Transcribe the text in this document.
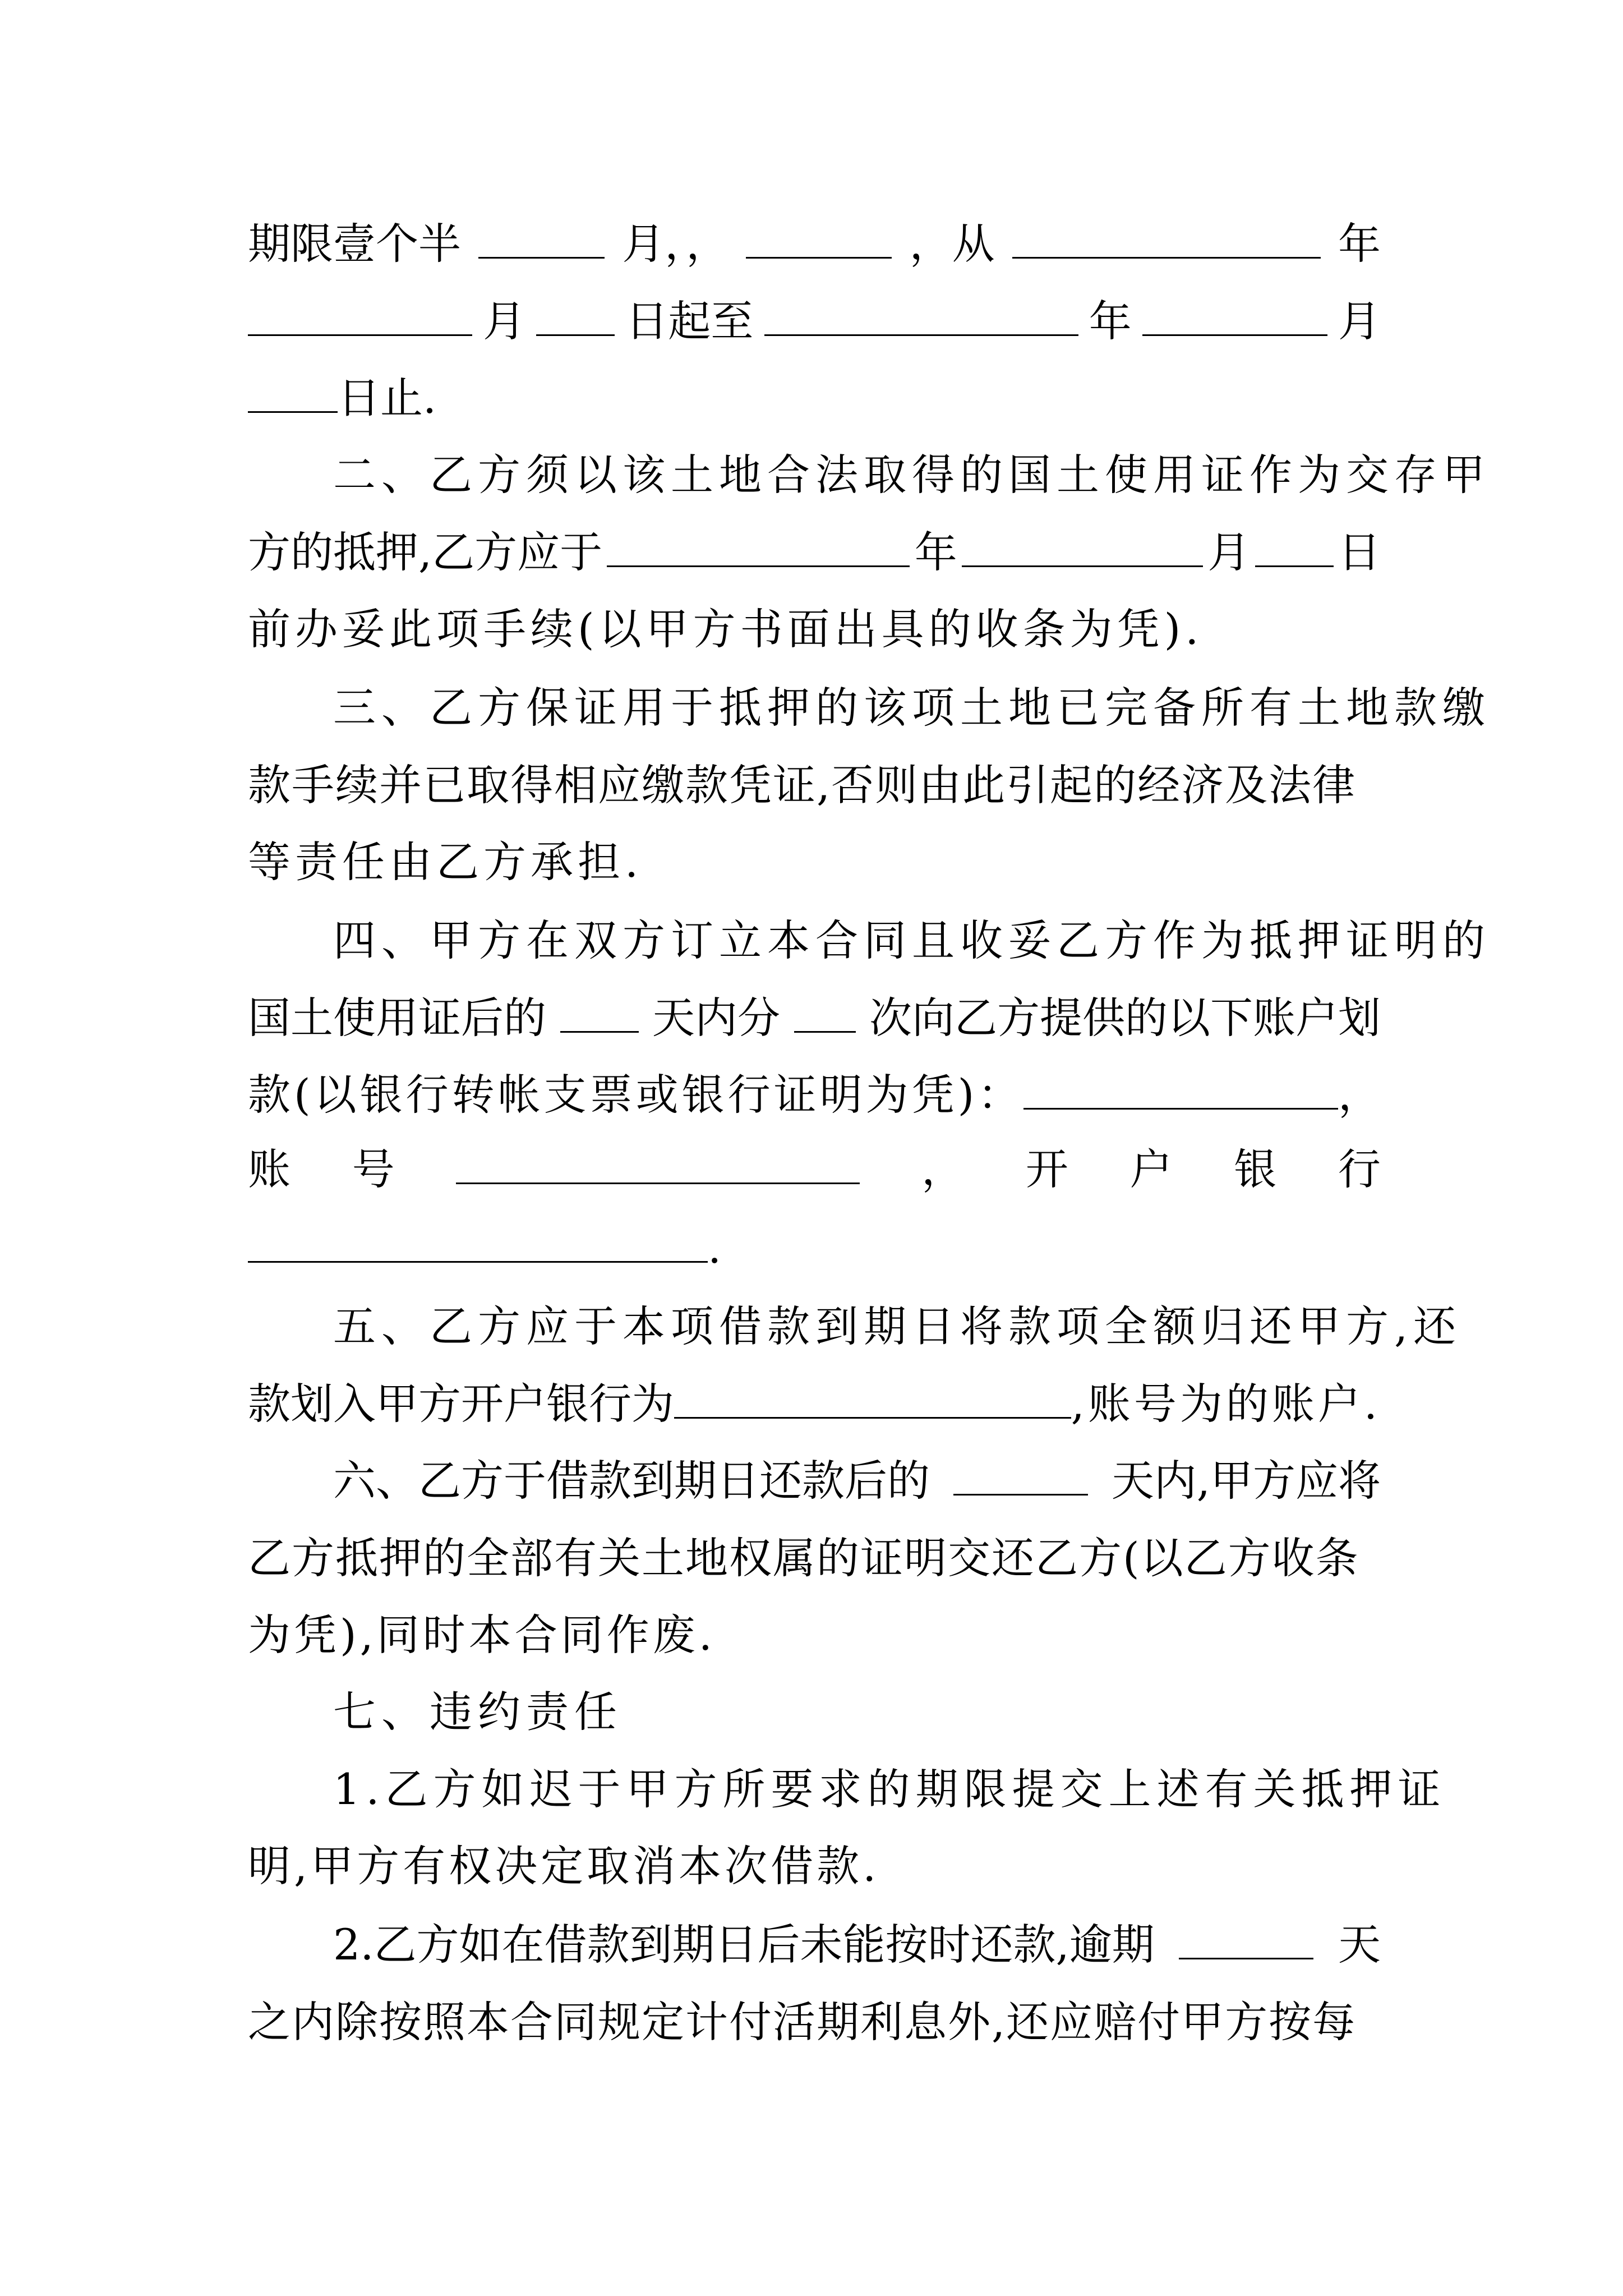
期限壹个半	月，，	，从	年
月 日起至	年	月
日止.
二、乙方须以该土地合法取得的国土使用证作为交存甲
方的抵押,乙方应于	年	月 日
前办妥此项手续(以甲方书面出具的收条为凭).
三、乙方保证用于抵押的该项土地已完备所有土地款缴
款手续并已取得相应缴款凭证,否则由此引起的经济及法律
等责任由乙方承担.
四、甲方在双方订立本合同且收妥乙方作为抵押证明的
国土使用证后的 天内分 次向乙方提供的以下账户划
款(以银行转帐支票或银行证明为凭)：	，
账 号	， 开 户 银 行
.
五、乙方应于本项借款到期日将款项全额归还甲方,还
款划入甲方开户银行为	,账号为的账户.
六、乙方于借款到期日还款后的	天内,甲方应将
乙方抵押的全部有关土地权属的证明交还乙方(以乙方收条
为凭),同时本合同作废.
七、违约责任
1.乙方如迟于甲方所要求的期限提交上述有关抵押证
明,甲方有权决定取消本次借款.
2.乙方如在借款到期日后未能按时还款,逾期	天
之内除按照本合同规定计付活期利息外,还应赔付甲方按每
